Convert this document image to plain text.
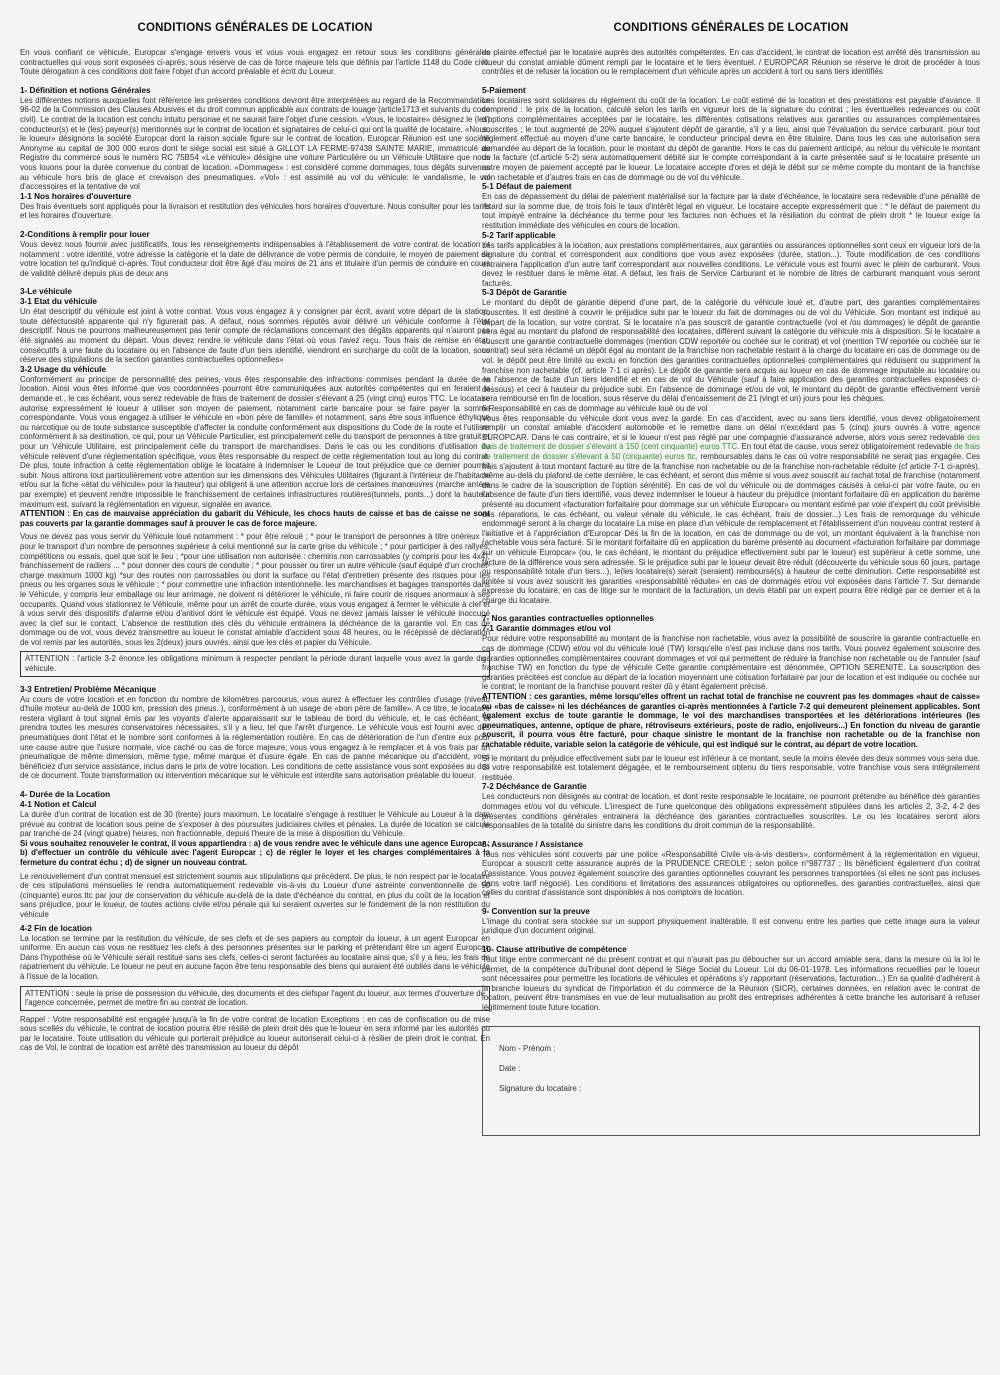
CONDITIONS GÉNÉRALES DE LOCATION

En vous confiant ce véhicule, Europcar s'engage envers vous et vous vous engagez en retour sous les conditions générales contractuelles qui vous sont exposées ci-après, sous réserve de cas de force majeure tels que définis par l'article 1148 du Code civil. Toute dérogation à ces conditions doit faire l'objet d'un accord préalable et écrit du Loueur.

1- Définition et notions Générales

Les différentes notions auxquelles font référence les présentes conditions devront être interprétées au regard de la Recommandation 96-02 de la Commission des Clauses Abusives et du droit commun applicable aux contrats de louage (article1713 et suivants du code civil). Le contrat de la location est conclu intuitu personae et ne saurait faire l'objet d'une cession. «Vous, le locataire» désignez le (les) conducteur(s) et le (les) payeur(s) mentionnés sur le contrat de location et signataires de celui-ci qui ont la qualité de locataire. «Nous, le loueur» désignons la société Europcar dont la raison sociale figure sur le contrat de location. Europcar Réunion est une société Anonyme au capital de 300 000 euros dont le siège social est situé à GILLOT LA FERME-97438 SAINTE MARIE, immatriculé au Registre du commerce sous le numéro RC 75B54 «Le véhicule» désigne une voiture Particulière ou un Véhicule Utilitaire que nous vous louons pour la durée convenue du contrat de location. «Dommages» : est considéré comme dommages, tous dégâts survenus au véhicule hors bris de glace et crevaison des pneumatiques. «Vol» : est assimilé au vol du véhicule: le vandalisme, le vol d'accessoires et la tentative de vol

1-1 Nos horaires d'ouverture

Des frais éventuels sont appliqués pour la livraison et restitution des véhicules hors horaires d'ouverture. Nous consulter pour les tarifs et les horaires d'ouverture.

2-Conditions à remplir pour louer

Vous devez nous fournir avec justificatifs, tous les renseignements indispensables à l'établissement de votre contrat de location et notamment : votre identité, votre adresse la catégorie et la date de délivrance de votre permis de conduire, le moyen de paiement de votre location tel qu'indiqué ci-après. Tout conducteur doit être âgé d'au moins de 21 ans et titulaire d'un permis de conduire en cours de validité délivré depuis plus de deux ans

3-Le véhicule

3-1 Etat du véhicule

Un état descriptif du véhicule est joint à votre contrat. Vous vous engagez à y consigner par écrit, avant votre départ de la station, toute défectuosité apparente qui n'y figurerait pas. A défaut, nous sommes réputés avoir délivré un véhicule conforme à l'état descriptif. Nous ne pourrons malheureusement pas tenir compte de réclamations concernant des dégâts apparents qui n'auront pas été signalés au moment du départ. Vous devez rendre le véhicule dans l'état où vous l'avez reçu. Tous frais de remise en état, consécutifs à une faute du locataire ou en l'absence de faute d'un tiers identifié, viendront en surcharge du coût de la location, sous réserve des stipulations de la section garanties contractuelles optionnelles»

3-2 Usage du véhicule

Conformément au principe de personnalité des peines, vous êtes responsable des infractions commises pendant la durée de la location. Ainsi vous êtes informé que vos coordonnées pourront être communiquées aux autorités compétentes qui en feraient la demande et , le cas échéant, vous serez redevable de frais de traitement de dossier s'élevant à 25 (vingt cinq) euros TTC. Le locataire autorise expressément le loueur à utiliser son moyen de paiement, notamment carte bancaire pour se faire payer la somme correspondante. Vous vous engagez à utiliser le véhicule en «bon père de famille» et notamment, sans être sous influence éthylique ou narcotique ou de toute substance susceptible d'affecter la conduite conformément aux dispositions du Code de la route et l'utiliser conformément à sa destination, ce qui, pour un Véhicule Particulier, est principalement celle du transport de personnes à titre gratuit et pour un Véhicule Utilitaire, est principalement celle du transport de marchandises. Dans le cas ou les conditions d'utilisation du véhicule relèvent d'une réglementation spécifique, vous êtes responsable du respect de cette réglementation tout au long du contrat. De plus, toute infraction à cette réglementation oblige le locataire à indemniser le Loueur de tout préjudice que ce dernier pourrait subir. Nous attirons tout particulièrement votre attention sur les dimensions des Véhicules Utilitaires (figurant à l'intérieur de l'habitacle et/ou sur la fiche «état du véhicule» pour la hauteur) qui obligent à une attention accrue lors de certaines manœuvres (marche arrière par exemple) et peuvent rendre impossible le franchissement de certaines infrastructures routières(tunnels, ponts...) dont la hauteur maximum est, suivant la réglementation en vigueur, signalée en avance.

ATTENTION : En cas de mauvaise appréciation du gabarit du Véhicule, les chocs hauts de caisse et bas de caisse ne sont pas couverts par la garantie dommages sauf à prouver le cas de force majeure.

Vous ne devez pas vous servir du Véhicule loué notamment : * pour être reloué ; * pour le transport de personnes à titre onéreux ; * pour le transport d'un nombre de personnes supérieur à celui mentionné sur la carte grise du véhicule ; * pour participer à des rallyes, compétitions ou essais, quel que soit le lieu ; *pour une utilisation non autorisée : chemins non carrossables (y compris pour les 4x4), franchissement de radiers ... * pour donner des cours de conduite ; * pour pousser ou tirer un autre véhicule (sauf équipé d'un crochet- charge maximum 1000 kg) *sur des routes non carrossables ou dont la surface ou l'état d'entretien présente des risques pour les pneus ou les organes sous le véhicule ; * pour commettre une infraction intentionnelle. les marchandises et bagages transportés dans le Véhicule, y compris leur emballage ou leur arrimage, ne doivent ni détériorer le véhicule, ni faire courir de risques anormaux à ses occupants. Quand vous stationnez le Véhicule, même pour un arrêt de courte durée, vous vous engagez à fermer le véhicule à clef et à vous servir des dispositifs d'alarme et/ou d'antivol dont le véhicule est équipé. Vous ne devez jamais laisser le véhicule inoccupé avec la clef sur le contact. L'absence de restitution des clés du véhicule entrainera la déchéance de la garantie vol. En cas de dommage ou de vol, vous devez transmettre au loueur le constat amiable d'accident sous 48 heures, ou le récépissé de déclaration de vol remis par les autorités, sous les 2(deux) jours ouvrés, ainsi que les clés et papier du Véhicule.

ATTENTION : l'article 3-2 énonce les obligations minimum à respecter pendant la période durant laquelle vous avez la garde du véhicule.

3-3 Entretien/ Problème Mécanique

Au cours de votre location et en fonction du nombre de kilomètres parcourus, vous aurez à effectuer les contrôles d'usage (niveau d'huile moteur au-delà de 1000 km, pression des pneus..), conformément à un usage de «bon père de famille». A ce titre, le locataire restera vigilant à tout signal émis par les voyants d'alerte apparaissant sur le tableau de bord du véhicule, et, le cas échéant, et prendra toutes les mesures conservatoires nécessaires, s'il y a lieu, tel que l'arrêt d'urgence. Le véhicule vous est fourni avec des pneumatiques dont l'état et le nombre sont conformes à la réglementation routière. En cas de détérioration de l'un d'entre eux pour une cause autre que l'usure normale, vice caché ou cas de force majeure, vous vous engagez à le remplacer et à vos frais par un pneumatique de même dimension, même type, même marque et d'usure égale. En cas de panne mécanique ou d'accident, vous bénéficiez d'un service assistance, inclus dans le prix de votre location. Les conditions de cette assistance vous sont exposées au dos de ce document. Toute transformation ou intervention mécanique sur le véhicule est interdite sans autorisation préalable du loueur.

4- Durée de la Location

4-1 Notion et Calcul

La durée d'un contrat de location est de 30 (trente) jours maximum. Le locataire s'engage à restituer le Véhicule au Loueur à la date prévue au contrat de location sous peine de s'exposer à des poursuites judiciaires civiles et pénales. La durée de location se calcule par tranche de 24 (vingt quatre) heures, non fractionnable, depuis l'heure de la mise à disposition du Véhicule.

Si vous souhaitez renouveler le contrat, il vous appartiendra : a) de vous rendre avec le véhicule dans une agence Europcar ; b) d'effectuer un contrôle du véhicule avec l'agent Europcar ; c) de régler le loyer et les charges complémentaires à la fermeture du contrat échu ; d) de signer un nouveau contrat.

Le renouvellement d'un contrat mensuel est strictement soumis aux stipulations qui précèdent. De plus, le non respect par le locataire de ces stipulations mensuelles le rendra automatiquement redevable vis-à-vis du Loueur d'une astreinte conventionnelle de 50 (cinquante) euros ttc par jour de conservation du véhicule au-delà de la date d'échéance du contrat, en plus du coût de la location et sans préjudice, pour le loueur, de toutes actions civile et/ou pénale qui lui seraient ouvertes sur le fondement de la non restitution du véhicule

4-2 Fin de location

La location se termine par la restitution du véhicule, de ses clefs et de ses papiers au comptoir du loueur, à un agent Europcar en uniforme. En aucun cas vous ne restituez les clefs à des personnes présentes sur le parking et prétendant être un agent Europcar. Dans l'hypothèse où le Véhicule serait restitué sans ses clefs, celles-ci seront facturées au locataire ainsi que, s'il y a lieu, les frais de rapatriement du véhicule. Le loueur ne peut en aucune façon être tenu responsable des biens qui auraient été oubliés dans le véhicule à l'issue de la location.

ATTENTION : seule la prise de possession du véhicule, des documents et des clefspar l'agent du loueur, aux termes d'ouverture de l'agence concernée, permet de mettre fin au contrat de location.

Rappel : Votre responsabilité est engagée jusqu'à la fin de votre contrat de location Exceptions : en cas de confiscation ou de mise sous scellés du véhicule, le contrat de location pourra être résilié de plein droit dès que le loueur en sera informé par les autorités ou par le locataire. Toute utilisation du véhicule qui porterait préjudice au loueur autoriserait celui-ci à résilier de plein droit le contrat. En cas de Vol, le contrat de location est arrêté dès transmission au loueur du dépôt

CONDITIONS GÉNÉRALES DE LOCATION

de plainte effectué par le locataire auprès des autorités compétentes. En cas d'accident, le contrat de location est arrêté dès transmission au loueur du constat amiable dûment rempli par le locataire et le tiers éventuel. / EUROPCAR Réunion se réserve le droit de procéder à tous contrôles et de refuser la location ou le remplacement d'un véhicule après un accident à tort ou sans tiers identifiés

5-Paiement

Les locataires sont solidaires du règlement du coût de la location. Le coût estimé de la location et des prestations est payable d'avance. Il comprend : le prix de la location, calculé selon les tarifs en vigueur lors de la signature du contrat ; les éventuelles redevances ou coût d'options complémentaires acceptées par le locataire, les différentes cotisations relatives aux garanties ou assurances complémentaires souscrites ; le tout augmenté de 20% auquel s'ajoutent dépôt de garantie, s'il y a lieu, ainsi que l'évaluation du service carburant. pour tout règlement effectué au moyen d'une carte bancaire, le conducteur principal devra en être titulaire. Dans tous les cas une autorisation sera demandée au départ de la location, pour le montant du dépôt de garantie. Hors le cas du paiement anticipé, au retour du véhicule le montant de la facture (cf.article 5-2) sera automatiquement débité sur le compte correspondant à la carte présentée sauf si le locataire présente un autre moyen de paiement accepté par le loueur. Le locataire accepte d'ores et déjà le débit sur ce même compte du montant de la franchise non rachetable et d'autres frais en cas de dommage ou de vol du véhicule.

5-1 Défaut de paiement

En cas de dépassement du délai de paiement matérialisé sur la facture par la date d'échéance, le locataire sera redevable d'une pénalité de retard sur la somme due, de trois fois le taux d'intérêt légal en vigueur. Le locataire accepte expressément que : * le défaut de paiement du tout impayé entraine la déchéance du terme pour les factures non échues et la résiliation du contrat de plein droit * le loueur exige la restitution immédiate des véhicules en cours de location.

5-2 Tarif applicable

Les tarifs applicables à la location, aux prestations complémentaires, aux garanties ou assurances optionnelles sont ceux en vigueur lors de la signature du contrat et correspondent aux conditions que vous avez exposées (durée, station...). Toute modification de ces conditions entrainera l'application d'un autre tarif correspondant aux nouvelles conditions. Le véhicule vous est fourni avec le plein de carburant. Vous devez le restituer dans le même état. A défaut, les frais de Service Carburant et le nombre de litres de carburant manquant vous seront facturés.

5-3 Dépôt de Garantie

Le montant du dépôt de garantie dépend d'une part, de la catégorie du véhicule loué et, d'autre part, des garanties complémentaires souscrites. Il est destiné à couvrir le préjudice subi par le loueur du fait de dommages ou de vol du Véhicule. Son montant est indiqué au départ de la location, sur votre contrat. Si le locataire n'a pas souscrit de garantie contractuelle (vol et /ou dommages) le dépôt de garantie sera égal au montant du plafond de responsabilité des locataires, différent suivant la catégorie du véhicule mis à disposition. Si le locataire a souscrit une garantie contractuelle dommages (mention CDW reportée ou cochée sur le contrat) et vol (mention TW reportée ou cochée sur le contrat) seul sera réclamé un dépôt égal au montant de la franchise non rachetable restant à la charge du locataire en cas de dommage ou de vol. le dépôt peut être limité ou exclu en fonction des garanties contractuelles optionnelles complémentaires qui réduisent ou suppriment la franchise non rachetable (cf. article 7-1 ci après). Le dépôt de garantie sera acquis au loueur en cas de dommage imputable au locataire ou en l'absence de faute d'un tiers identifié et en cas de vol du Véhicule (sauf à faire application des garanties contractuelles exposées ci-dessous) et ceci à hauteur du préjudice subi. En l'absence de dommage et/ou de vol, le montant du dépôt de garantie effectivement versé sera remboursé en fin de location, sous réserve du délai d'encaissement de 21 (vingt et un) jours pour les chèques.

6 Responsabilité en cas de dommage au véhicule loué ou de vol

Vous êtes responsable du véhicule dont vous avez la garde. En cas d'accident, avec ou sans tiers identifié, vous devez obligatoirement remplir un constat amiable d'accident automobile et le remettre dans un délai n'excédant pas 5 (cinq) jours ouvrés à votre agence EUROPCAR. Dans le cas contraire, et si le loueur n'est pas réglé par une compagnie d'assurance adverse, alors vous serez redevable des frais de traitement de dossier s'élevant à 150 (cent cinquante) euros TTC. En tout état de cause, vous serez obligatoirement redevable de frais de traitement de dossier s'élevant à 50 (cinquante) euros ttc, remboursables dans le cas où votre responsabilité ne serait pas engagée. Ces frais s'ajoutent à tout montant facturé au titre de la franchise non rachetable ou de la franchise non-rachetable réduite (cf article 7-1 ci-après), même au-delà du plafond de cette dernière, le cas échéant, et seront dus même si vous avez souscrit au rachat total de franchise (notamment dans le cadre de la souscription de l'option sérénité). En cas de vol du véhicule ou de dommages causés à celui-ci par votre faute, ou en l'absence de faute d'un tiers identifié, vous devez indemniser le loueur à hauteur du préjudice (montant forfaitaire dû en application du barème présenté au document «facturation forfaitaire pour dommage sur un véhicule Europcar» ou montant estimé par voie d'expert du coût prévisible des réparations, le cas échéant, ou valeur vénale du véhicule, le cas échéant, frais de dossier...) Les frais de remorquage du véhicule endommagé seront à la charge du locataire La mise en place d'un véhicule de remplacement et l'établissement d'un nouveau contrat restent à l'initiative et à l'appréciation d'Europcar Dès la fin de la location, en cas de dommage ou de vol, un montant équivalent à la franchise non rachetable vous sera facturé. Si le montant forfaitaire dû en application du barème présenté au document «facturation forfaitaire par dommage sur un véhicule Europcar» (ou, le cas échéant, le montant du préjudice effectivement subi par le loueur) est supérieur à cette somme, une facture de la différence vous sera adressée. Si le préjudice subi par le loueur devait être réduit (découverte du véhicule sous 60 jours, partage ou responsabilité totale d'un tiers...), le(les locataire(s) serait (seraient) remboursé(s) à hauteur de cette diminution. Cette responsabilité est limitée si vous avez souscrit les garanties «responsabilité réduite» en cas de dommages et/ou vol exposées dans l'article 7. Sur demande expresse du locataire, en cas de litige sur le montant de la facturation, un devis établi par un expert pourra être rédigé par ce dernier et à la charge du locataire.

7- Nos garanties contractuelles optionnelles

7-1 Garantie dommages et/ou vol

Pour réduire votre responsabilité au montant de la franchise non rachetable, vous avez la possibilité de souscrire la garantie contractuelle en cas de dommage (CDW) et/ou vol du véhicule loué (TW) lorsqu'elle n'est pas incluse dans nos tarifs. Vous pouvez également souscrire des garanties optionnelles complémentaires couvrant dommages et vol qui permettent de réduire la franchise non rachetable ou de l'annuler (sauf franchise TW) en fonction du type de véhicule Cette garantie complémentaire est dénommée, OPTION SERENITE. La souscription des garanties précitées est conclue au départ de la location moyennant une cotisation forfaitaire par jour de location et est indiquée ou cochée sur le contrat; le montant de la franchise pouvant rester dû y étant également précisé.

ATTENTION : ces garanties, même lorsqu'elles offrent un rachat total de franchise ne couvrent pas les dommages «haut de caisse» ou «bas de caisse» ni les déchéances de garanties ci-après mentionnées à l'article 7-2 qui demeurent pleinement applicables. Sont également exclus de toute garantie le dommage, le vol des marchandises transportées et les détériorations intérieures (les pneumatiques, antenne, optique de phare, rétroviseurs extérieurs, poste de radio, enjoliveurs...) En fonction du niveau de garantie souscrit, il pourra vous être facturé, pour chaque sinistre le montant de la franchise non rachetable ou de la franchise non rachatable réduite, variable selon la catégorie de véhicule, qui est indiqué sur le contrat, au départ de votre location.

Si le montant du préjudice effectivement subi par le loueur est inférieur à ce montant, seule la moins élevée des deux sommes vous sera due. Si votre responsabilité est totalement dégagée, et le remboursement obtenu du tiers responsable, votre franchise vous sera intégralement restituée.

7-2 Déchéance de Garantie

Les conducteurs non désignés au contrat de location, et dont reste responsable le locataire, ne pourront prétendre au bénéfice des garanties dommages et/ou vol du véhicule. L'irrespect de l'une quelconque des obligations expressément stipulées dans les articles 2, 3-2, 4-2 des présentes conditions générales entrainera la déchéance des garanties contractuelles souscrites. Le ou les locataires seront alors responsables de la totalité du sinistre dans les conditions du droit commun de la responsabilité.

8- Assurance / Assistance

Tous nos véhicules sont couverts par une police «Responsabilité Civile vis-à-vis destiers», conformément à la réglementation en vigueur, Europcar a souscrit cette assurance auprès de la PRUDENCE CREOLE ; selon police n°987737 ; Ils bénéficient également d'un contrat d'assistance. Vous pouvez également souscrire des garanties optionnelles couvrant les personnes transportées (si elles ne sont pas incluses dans votre tarif négocié). Les conditions et limitations des assurances obligatoires ou optionnelles, des garanties contractuelles, ainsi que celles du contrat d'assistance sont disponibles à nos comptoirs de location.

9- Convention sur la preuve

L'image du contrat sera stockée sur un support physiquement inaltérable. Il est convenu entre les parties que cette image aura la valeur juridique d'un document original.

10- Clause attributive de compétence

Tout litige entre commercant né du présent contrat et qui n'aurait pas pu déboucher sur un accord amiable sera, dans la mesure où la loi le permet, de la compétence duTribunal dont dépend le Siège Social du Loueur. Loi du 06-01-1978. Les informations recueillies par le loueur sont nécessaires pour permettre les locations de véhicules et opérations s'y rapportant (réservations, facturation...) En sa qualité d'adhérent à la branche loueurs du syndicat de l'importation et du commerce de la Réunion (SICR), certaines données, en relation avec le contrat de location, peuvent être transmises en vue de leur mutualisation au profit des entreprises adhérentes à cette branche les autorisant à refuser légitimement toute future location.

Nom - Prénom :
Date :
Signature du locataire :
